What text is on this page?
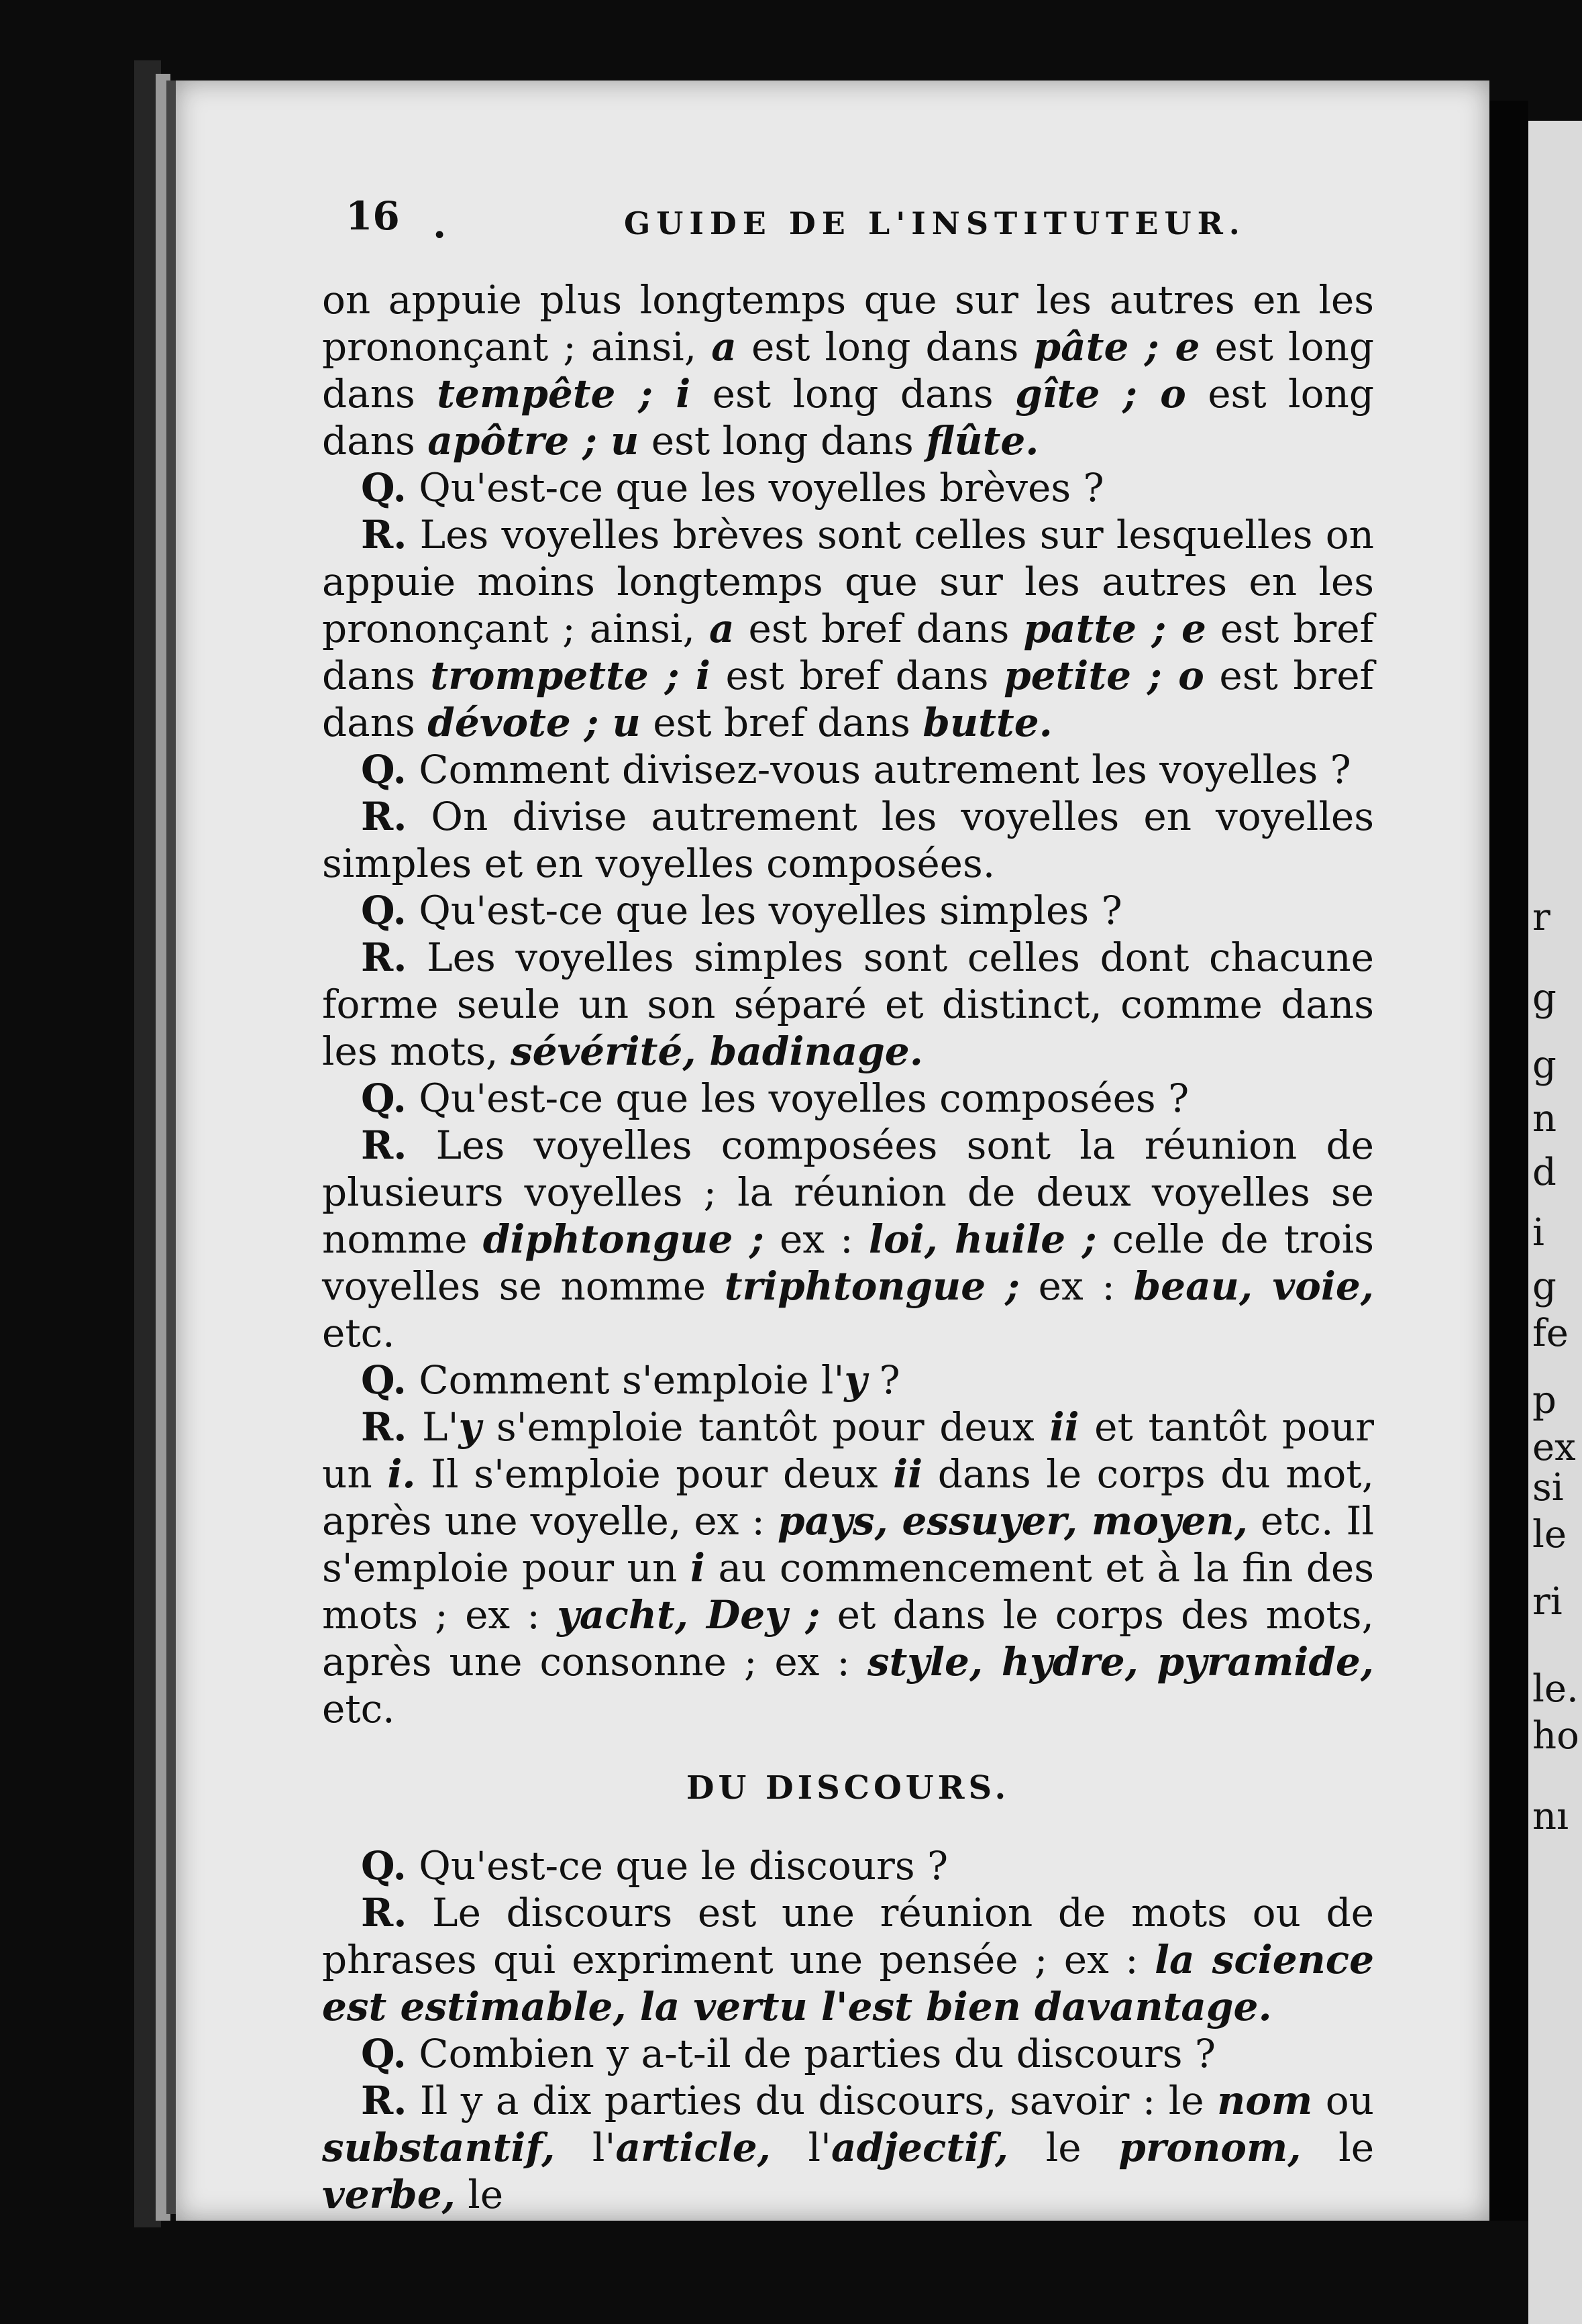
r
g
g
n
d
i
g
fe
p
ex
si
le
ri
le.
ho
nı
16 .	GUIDE DE L'INSTITUTEUR.

on appuie plus longtemps que sur les autres en les prononçant ; ainsi, a est long dans pâte ; e est long dans tempête ; i est long dans gîte ; o est long dans apôtre ; u est long dans flûte.

Q. Qu'est-ce que les voyelles brèves ?

R. Les voyelles brèves sont celles sur lesquelles on appuie moins longtemps que sur les autres en les prononçant ; ainsi, a est bref dans patte ; e est bref dans trompette ; i est bref dans petite ; o est bref dans dévote ; u est bref dans butte.

Q. Comment divisez-vous autrement les voyelles ?

R. On divise autrement les voyelles en voyelles simples et en voyelles composées.

Q. Qu'est-ce que les voyelles simples ?

R. Les voyelles simples sont celles dont chacune forme seule un son séparé et distinct, comme dans les mots, sévérité, badinage.

Q. Qu'est-ce que les voyelles composées ?

R. Les voyelles composées sont la réunion de plusieurs voyelles ; la réunion de deux voyelles se nomme diphtongue ; ex : loi, huile ; celle de trois voyelles se nomme triphtongue ; ex : beau, voie, etc.

Q. Comment s'emploie l'y ?

R. L'y s'emploie tantôt pour deux ii et tantôt pour un i. Il s'emploie pour deux ii dans le corps du mot, après une voyelle, ex : pays, essuyer, moyen, etc. Il s'emploie pour un i au commencement et à la fin des mots ; ex : yacht, Dey ; et dans le corps des mots, après une consonne ; ex : style, hydre, pyramide, etc.

DU DISCOURS.

Q. Qu'est-ce que le discours ?

R. Le discours est une réunion de mots ou de phrases qui expriment une pensée ; ex : la science est estimable, la vertu l'est bien davantage.

Q. Combien y a-t-il de parties du discours ?

R. Il y a dix parties du discours, savoir : le nom ou substantif, l'article, l'adjectif, le pronom, le verbe, le
